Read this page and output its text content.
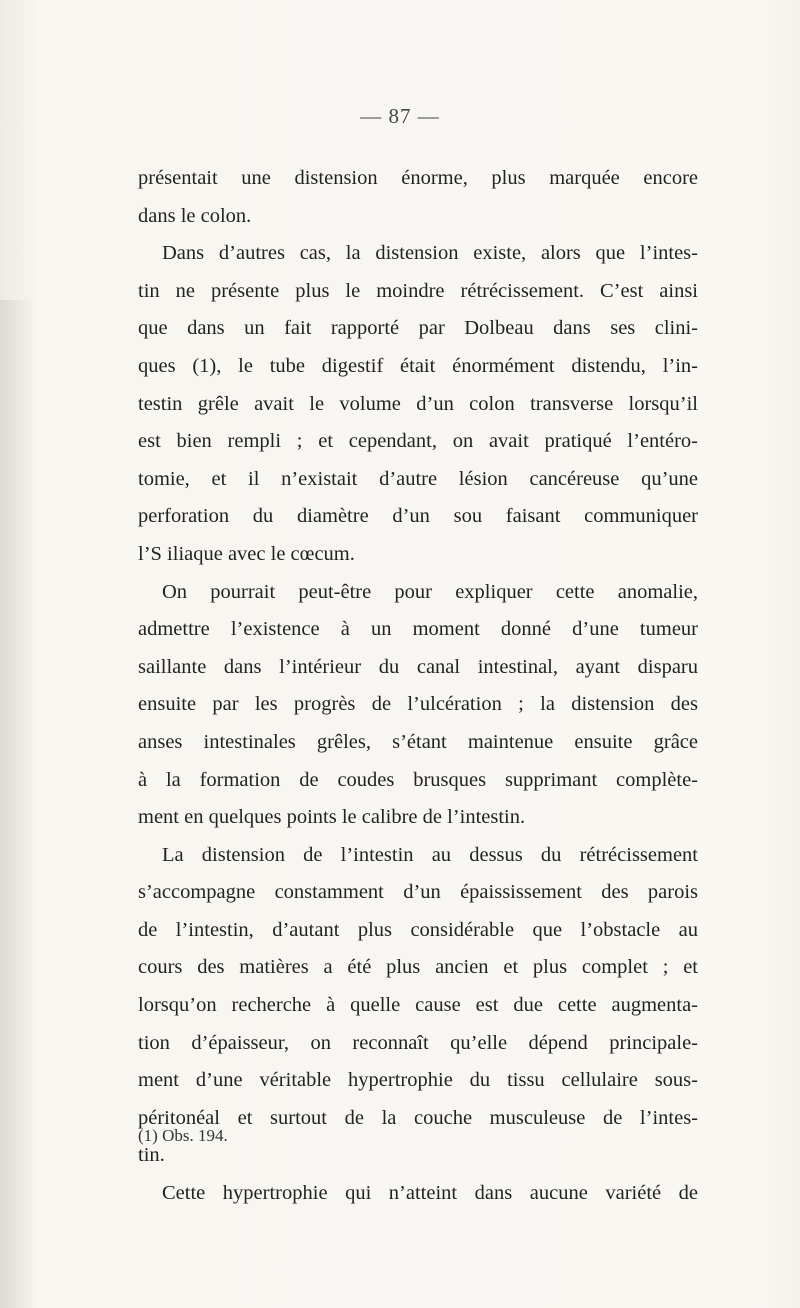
— 87 —
présentait une distension énorme, plus marquée encore
dans le colon.
Dans d’autres cas, la distension existe, alors que l’intes-
tin ne présente plus le moindre rétrécissement. C’est ainsi
que dans un fait rapporté par Dolbeau dans ses clini-
ques (1), le tube digestif était énormément distendu, l’in-
testin grêle avait le volume d’un colon transverse lorsqu’il
est bien rempli ; et cependant, on avait pratiqué l’entéro-
tomie, et il n’existait d’autre lésion cancéreuse qu’une
perforation du diamètre d’un sou faisant communiquer
l’S iliaque avec le cœcum.
On pourrait peut-être pour expliquer cette anomalie,
admettre l’existence à un moment donné d’une tumeur
saillante dans l’intérieur du canal intestinal, ayant disparu
ensuite par les progrès de l’ulcération ; la distension des
anses intestinales grêles, s’étant maintenue ensuite grâce
à la formation de coudes brusques supprimant complète-
ment en quelques points le calibre de l’intestin.
La distension de l’intestin au dessus du rétrécissement
s’accompagne constamment d’un épaississement des parois
de l’intestin, d’autant plus considérable que l’obstacle au
cours des matières a été plus ancien et plus complet ; et
lorsqu’on recherche à quelle cause est due cette augmenta-
tion d’épaisseur, on reconnaît qu’elle dépend principale-
ment d’une véritable hypertrophie du tissu cellulaire sous-
péritonéal et surtout de la couche musculeuse de l’intes-
tin.
Cette hypertrophie qui n’atteint dans aucune variété de
(1) Obs. 194.
